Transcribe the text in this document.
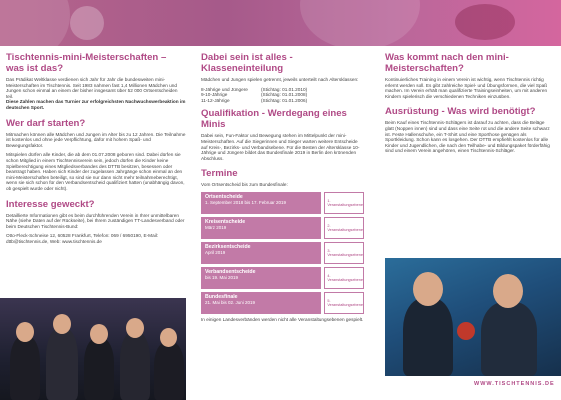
Tischtennis-mini-Meisterschaften – was ist das?

Das Prädikat Weltklasse verdienen sich Jahr für Jahr die bundesweiten mini-Meisterschaften im Tischtennis. Seit 1983 nahmen fast 1,4 Millionen Mädchen und Jungen schon einmal an einem der bisher insgesamt über 52 000 Ortsentscheiden teil.

Diese Zahlen machen das Turnier zur erfolgreichsten Nachwuchswerbeaktion im deutschen Sport.

Wer darf starten?

Mitmachen können alle Mädchen und Jungen im Alter bis zu 12 Jahren. Die Teilnahme ist kostenlos und ohne jede Verpflichtung, dafür mit hohem Spaß- und Bewegungsfaktor.

Mitspielen dürfen alle Kinder, die ab dem 01.07.2008 geboren sind. Dabei dürfen sie schon Mitglied in einem Tischtennisverein sein, jedoch dürfen die Kinder keine Spielberechtigung eines Mitgliedsverbandes des DTTB besitzen, besessen oder beantragt haben. Haben sich Kinder der zugelassen Jahrgänge schon einmal an den mini-Meisterschaften beteiligt, so sind sie nur dann nicht mehr teilnahmeberechtigt, wenn sie sich schon für den Verbandsentscheid qualifiziert hatten (unabhängig davon, ob gespielt wurde oder nicht).

Interesse geweckt?

Detaillierte Informationen gibt es beim durchführenden Verein in Ihrer unmittelbaren Nähe (siehe Daten auf der Rückseite), bei Ihrem zuständigen TT-Landesverband oder beim Deutschen Tischtennis-Bund:

Otto-Fleck-Schneise 12, 60528 Frankfurt, Telefon: 069 / 6950190, E-Mail: dttb@tischtennis.de, Web: www.tischtennis.de

Dabei sein ist alles - Klasseneinteilung

Mädchen und Jungen spielen getrennt, jeweils unterteilt nach Altersklassen:

8-Jährige und Jüngere	(Stichtag: 01.01.2010)
9-10-Jährige	(Stichtag: 01.01.2008)
11-12-Jährige	(Stichtag: 01.01.2006)
Qualifikation - Werdegang eines Minis

Dabei sein, Fun-Faktor und Bewegung stehen im Mittelpunkt der mini-Meisterschaften. Auf die Siegerinnen und Sieger warten weitere Entscheide auf Kreis-, Bezirks- und Verbandsebene. Für die Besten der Altersklasse 10-Jährige und Jüngere bildet das Bundesfinale 2019 in Berlin den krönenden Abschluss.

Termine

Vom Ortsentscheid bis zum Bundesfinale:

Ortsentscheide
1. September 2018 bis 17. Februar 2019	1. Veranstaltungsebene
Kreisentscheide
März 2019	2. Veranstaltungsebene
Bezirksentscheide
April 2019	3. Veranstaltungsebene
Verbandsentscheide
bis 19. Mai 2019	4. Veranstaltungsebene
Bundesfinale
21. Mai bis 02. Juni 2019	5. Veranstaltungsebene

In einigen Landesverbänden werden nicht alle Veranstaltungsebenen gespielt.

Was kommt nach den mini-Meisterschaften?

Kontinuierliches Training in einem Verein ist wichtig, wenn Tischtennis richtig erlernt werden soll. Es gibt zahlreiche Spiel- und Übungsformen, die viel Spaß machen. Im Verein erhält man qualifizierte Trainingseinheiten, um mit anderen Kindern spielerisch die verschiedenen Techniken einzuüben.

Ausrüstung - Was wird benötigt?

Beim Kauf eines Tischtennis-Schlägers ist darauf zu achten, dass die Beläge glatt (Noppen innen) sind und dass eine Seite rot und die andere Seite schwarz ist. Feste Hallenschuhe, ein T-Shirt und eine Sporthose genügen als Sportkleidung. Schon kann es losgehen. Der DTTB empfiehlt kostenlos für alle Kinder und Jugendlichen, die nach den Teilhabe- und Bildungspaket förderfähig sind und einem Verein angehören, einen Tischtennis-Schläger.

WWW.TISCHTENNIS.DE
